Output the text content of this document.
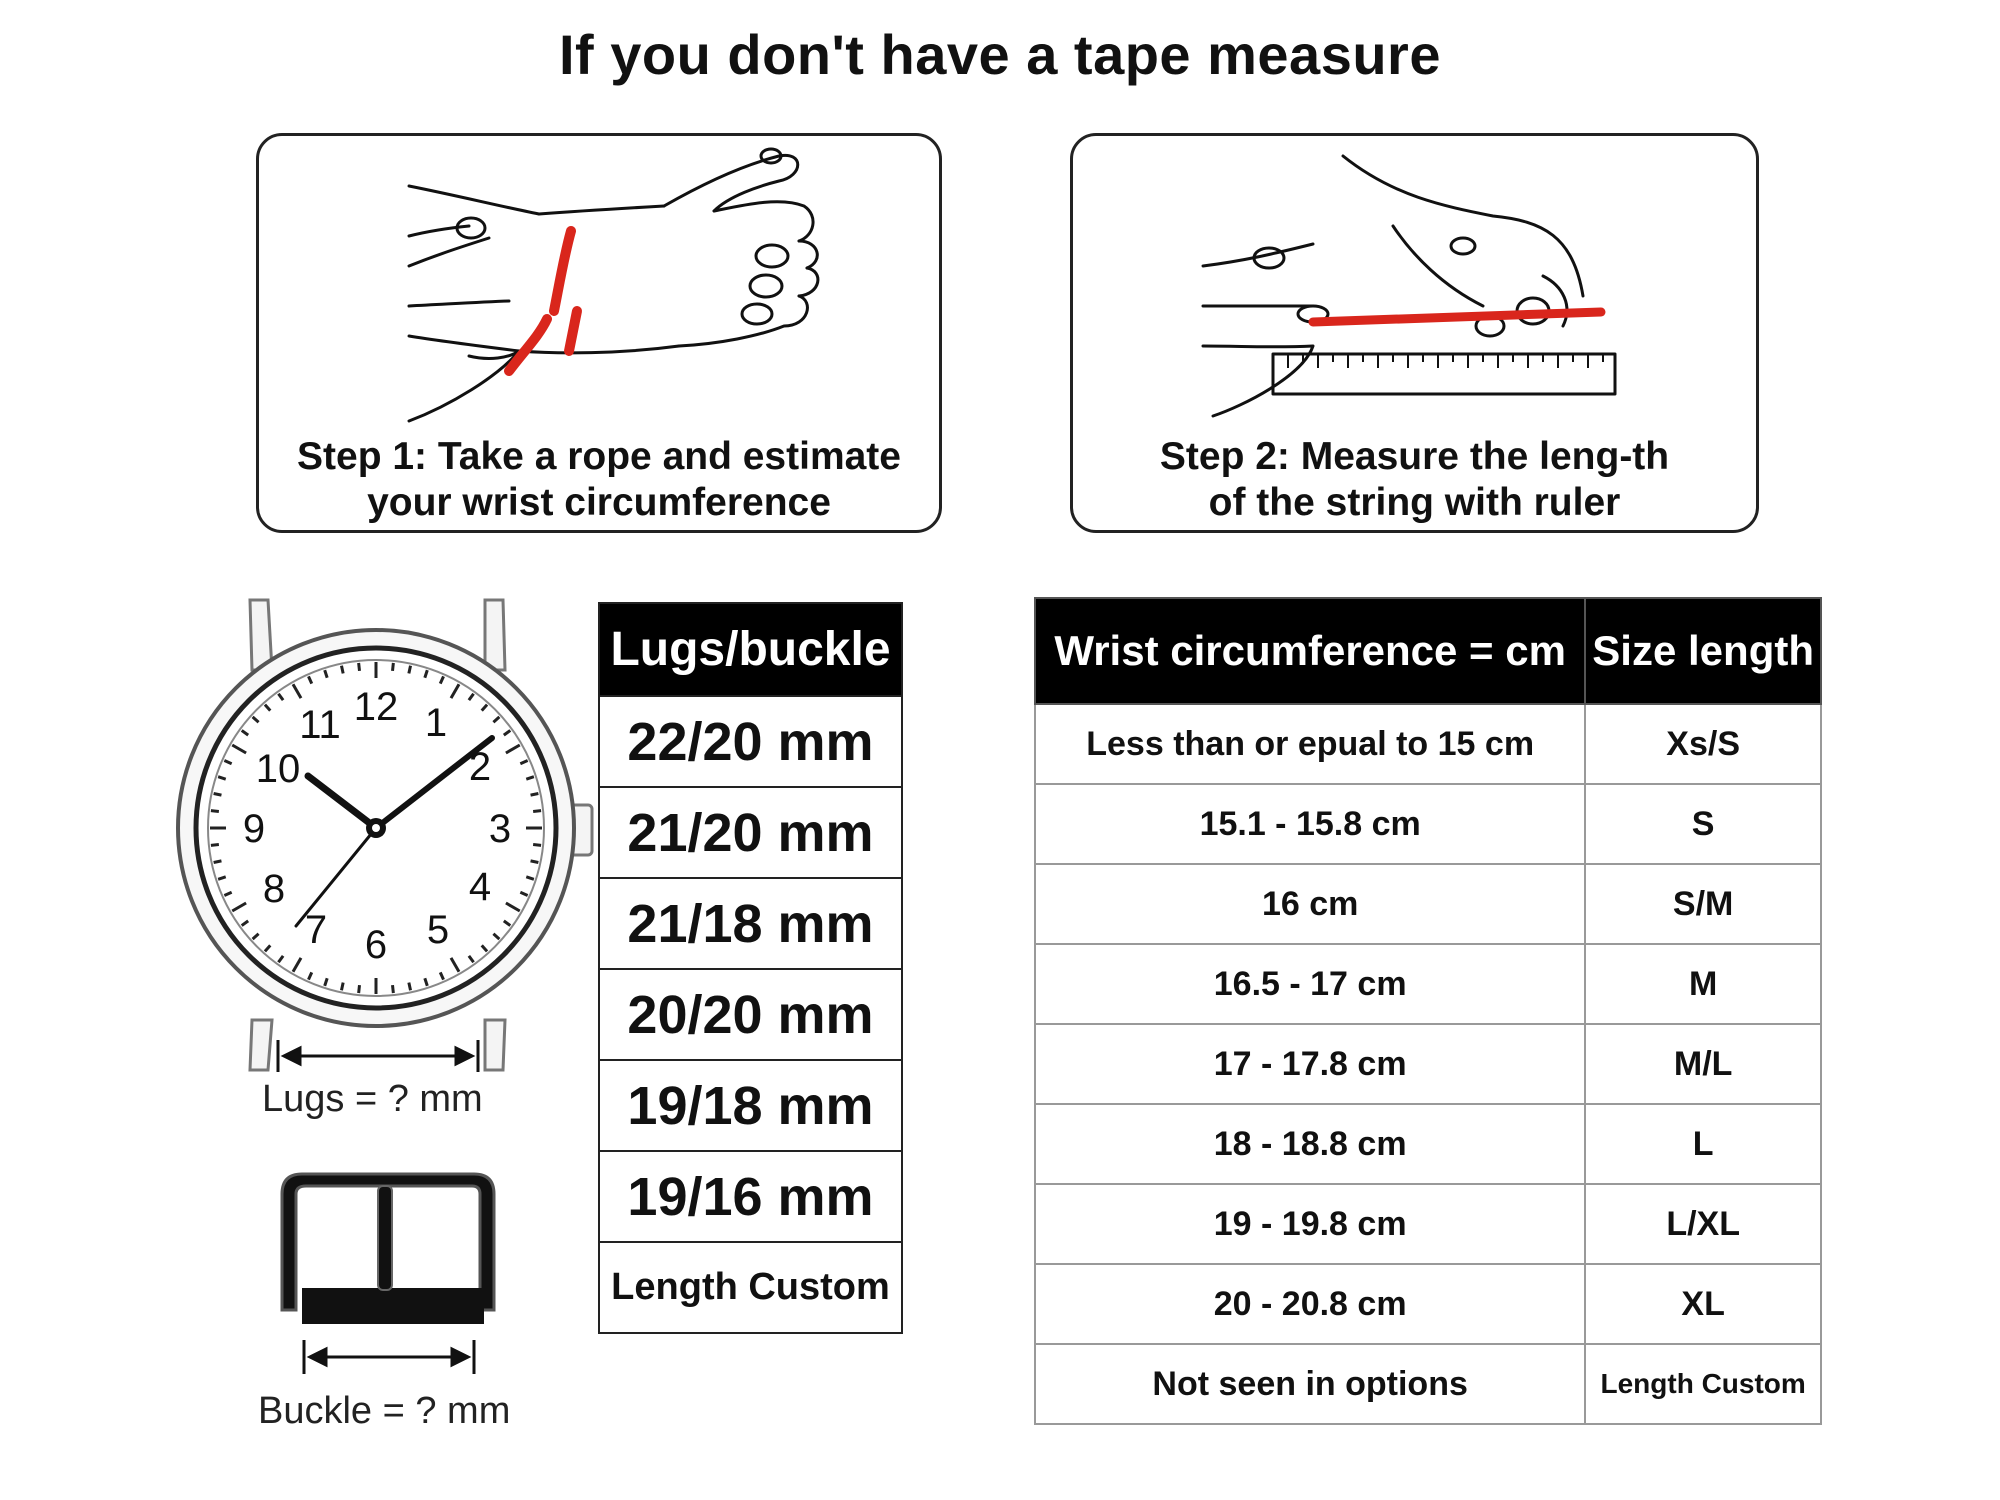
If you don't have a tape measure
Step 1: Take a rope and estimate
your wrist circumference
Step 2: Measure the leng-th
of the string with ruler
12 1
2
3
4
5
6
7
8
9
10
11
Lugs = ? mm
Buckle = ? mm
Lugs/buckle
22/20 mm
21/20 mm
21/18 mm
20/20 mm
19/18 mm
19/16 mm
Length Custom
Wrist circumference = cm	Size length
Less than or epual to 15 cm	Xs/S
15.1 - 15.8 cm	S
16 cm	S/M
16.5 - 17 cm	M
17 - 17.8 cm	M/L
18 - 18.8 cm	L
19 - 19.8 cm	L/XL
20 - 20.8 cm	XL
Not seen in options	Length Custom
